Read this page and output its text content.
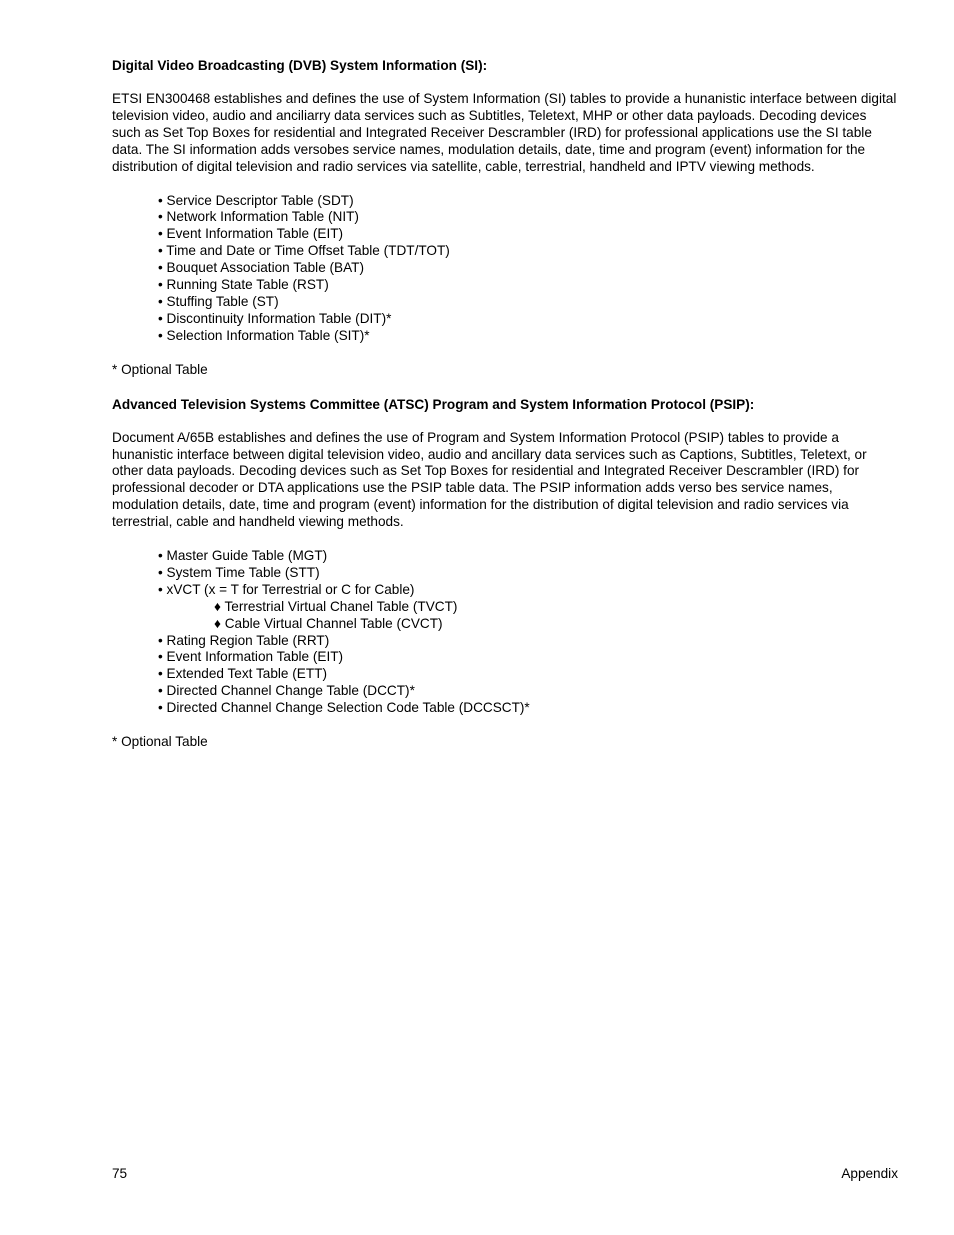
Digital Video Broadcasting (DVB) System Information (SI):

ETSI EN300468 establishes and defines the use of System Information (SI) tables to provide a hunanistic interface between digital television video, audio and anciliarry data services such as Subtitles, Teletext, MHP or other data payloads. Decoding devices such as Set Top Boxes for residential and Integrated Receiver Descrambler (IRD) for professional applications use the SI table data. The SI information adds versobes service names, modulation details, date, time and program (event) information for the distribution of digital television and radio services via satellite, cable, terrestrial, handheld and IPTV viewing methods.

• Service Descriptor Table (SDT)
• Network Information Table (NIT)
• Event Information Table (EIT)
• Time and Date or Time Offset Table (TDT/TOT)
• Bouquet Association Table (BAT)
• Running State Table (RST)
• Stuffing Table (ST)
• Discontinuity Information Table (DIT)*
• Selection Information Table (SIT)*

* Optional Table

Advanced Television Systems Committee (ATSC) Program and System Information Protocol (PSIP):

Document A/65B establishes and defines the use of Program and System Information Protocol (PSIP) tables to provide a hunanistic interface between digital television video, audio and ancillary data services such as Captions, Subtitles, Teletext, or other data payloads. Decoding devices such as Set Top Boxes for residential and Integrated Receiver Descrambler (IRD) for professional decoder or DTA applications use the PSIP table data. The PSIP information adds verso bes service names, modulation details, date, time and program (event) information for the distribution of digital television and radio services via terrestrial, cable and handheld viewing methods.

• Master Guide Table (MGT)
• System Time Table (STT)
• xVCT (x = T for Terrestrial or C for Cable)
♦ Terrestrial Virtual Chanel Table (TVCT)
♦ Cable Virtual Channel Table (CVCT)
• Rating Region Table (RRT)
• Event Information Table (EIT)
• Extended Text Table (ETT)
• Directed Channel Change Table (DCCT)*
• Directed Channel Change Selection Code Table (DCCSCT)*

* Optional Table

75	Appendix
